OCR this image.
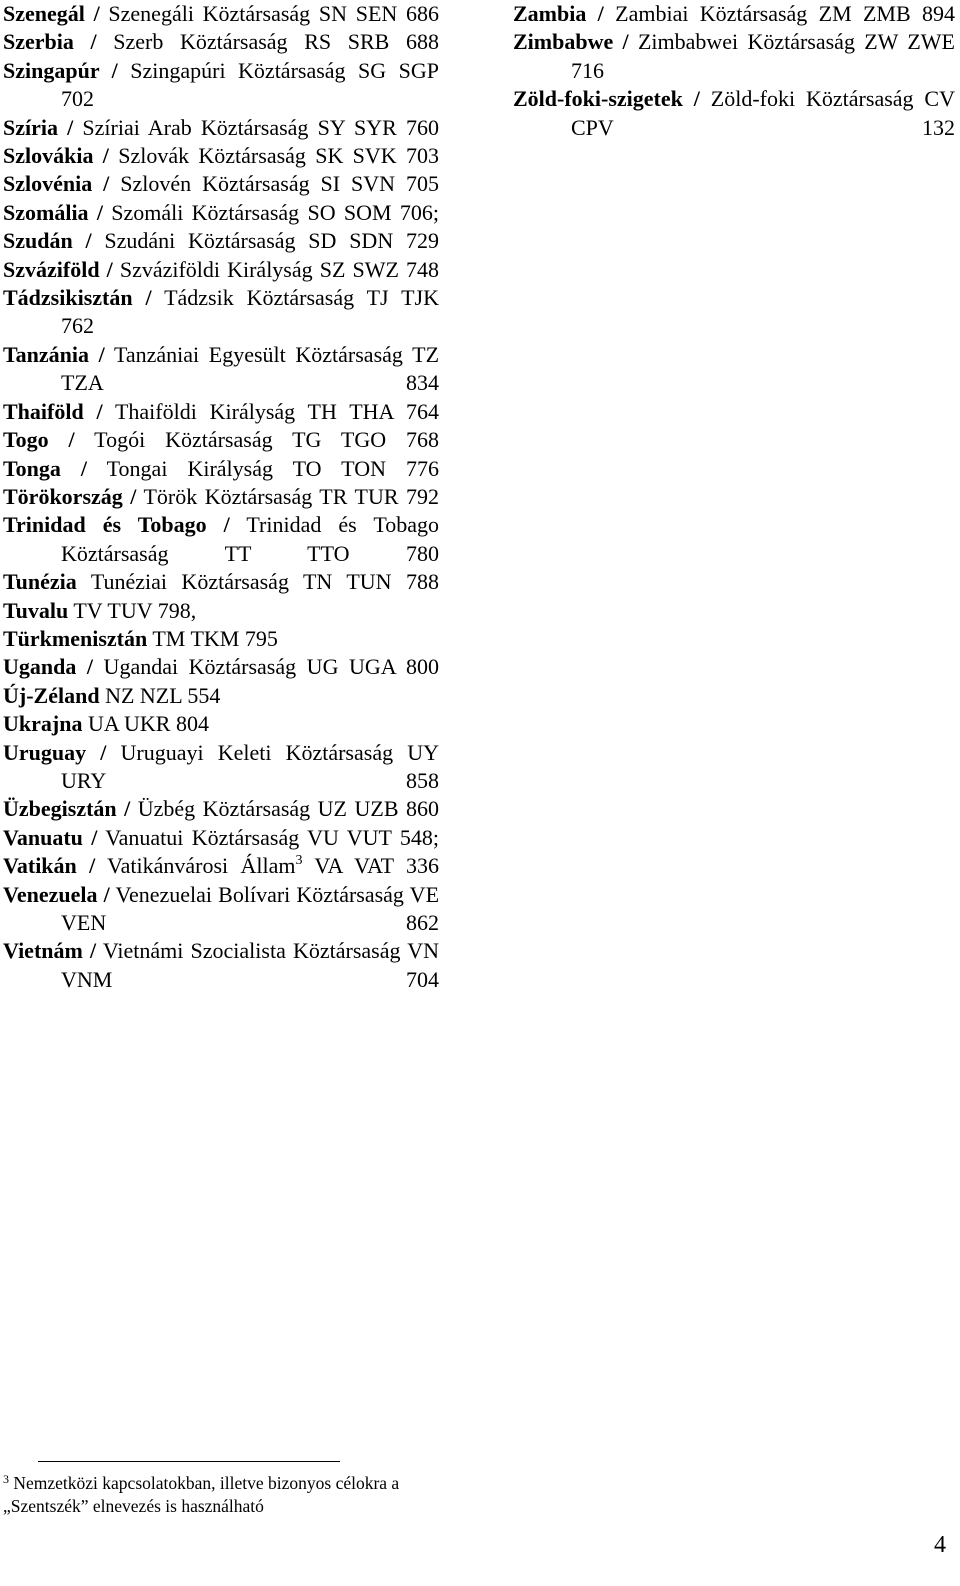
Szenegál / Szenegáli Köztársaság SN SEN 686

Szerbia / Szerb Köztársaság RS SRB 688

Szingapúr / Szingapúri Köztársaság SG SGP 702

Szíria / Szíriai Arab Köztársaság SY SYR 760

Szlovákia / Szlovák Köztársaság SK SVK 703

Szlovénia / Szlovén Köztársaság SI SVN 705

Szomália / Szomáli Köztársaság SO SOM 706;

Szudán / Szudáni Köztársaság SD SDN 729

Szváziföld / Szváziföldi Királyság SZ SWZ 748

Tádzsikisztán / Tádzsik Köztársaság TJ TJK 762

Tanzánia / Tanzániai Egyesült Köztársaság TZ TZA 834

Thaiföld / Thaiföldi Királyság TH THA 764

Togo / Togói Köztársaság TG TGO 768

Tonga / Tongai Királyság TO TON 776

Törökország / Török Köztársaság TR TUR 792

Trinidad és Tobago / Trinidad és Tobago Köztársaság TT TTO 780

Tunézia Tunéziai Köztársaság TN TUN 788

Tuvalu TV TUV 798,

Türkmenisztán TM TKM 795

Uganda / Ugandai Köztársaság UG UGA 800

Új-Zéland NZ NZL 554

Ukrajna UA UKR 804

Uruguay / Uruguayi Keleti Köztársaság UY URY 858

Üzbegisztán / Üzbég Köztársaság UZ UZB 860

Vanuatu / Vanuatui Köztársaság VU VUT 548;

Vatikán / Vatikánvárosi Állam$^3$ VA VAT 336

Venezuela / Venezuelai Bolívari Köztársaság VE VEN 862

Vietnám / Vietnámi Szocialista Köztársaság VN VNM 704

Zambia / Zambiai Köztársaság ZM ZMB 894

Zimbabwe / Zimbabwei Köztársaság ZW ZWE 716

Zöld-foki-szigetek / Zöld-foki Köztársaság CV CPV 132

$^3$ Nemzetközi kapcsolatokban, illetve bizonyos célokra a „Szentszék” elnevezés is használható
4
